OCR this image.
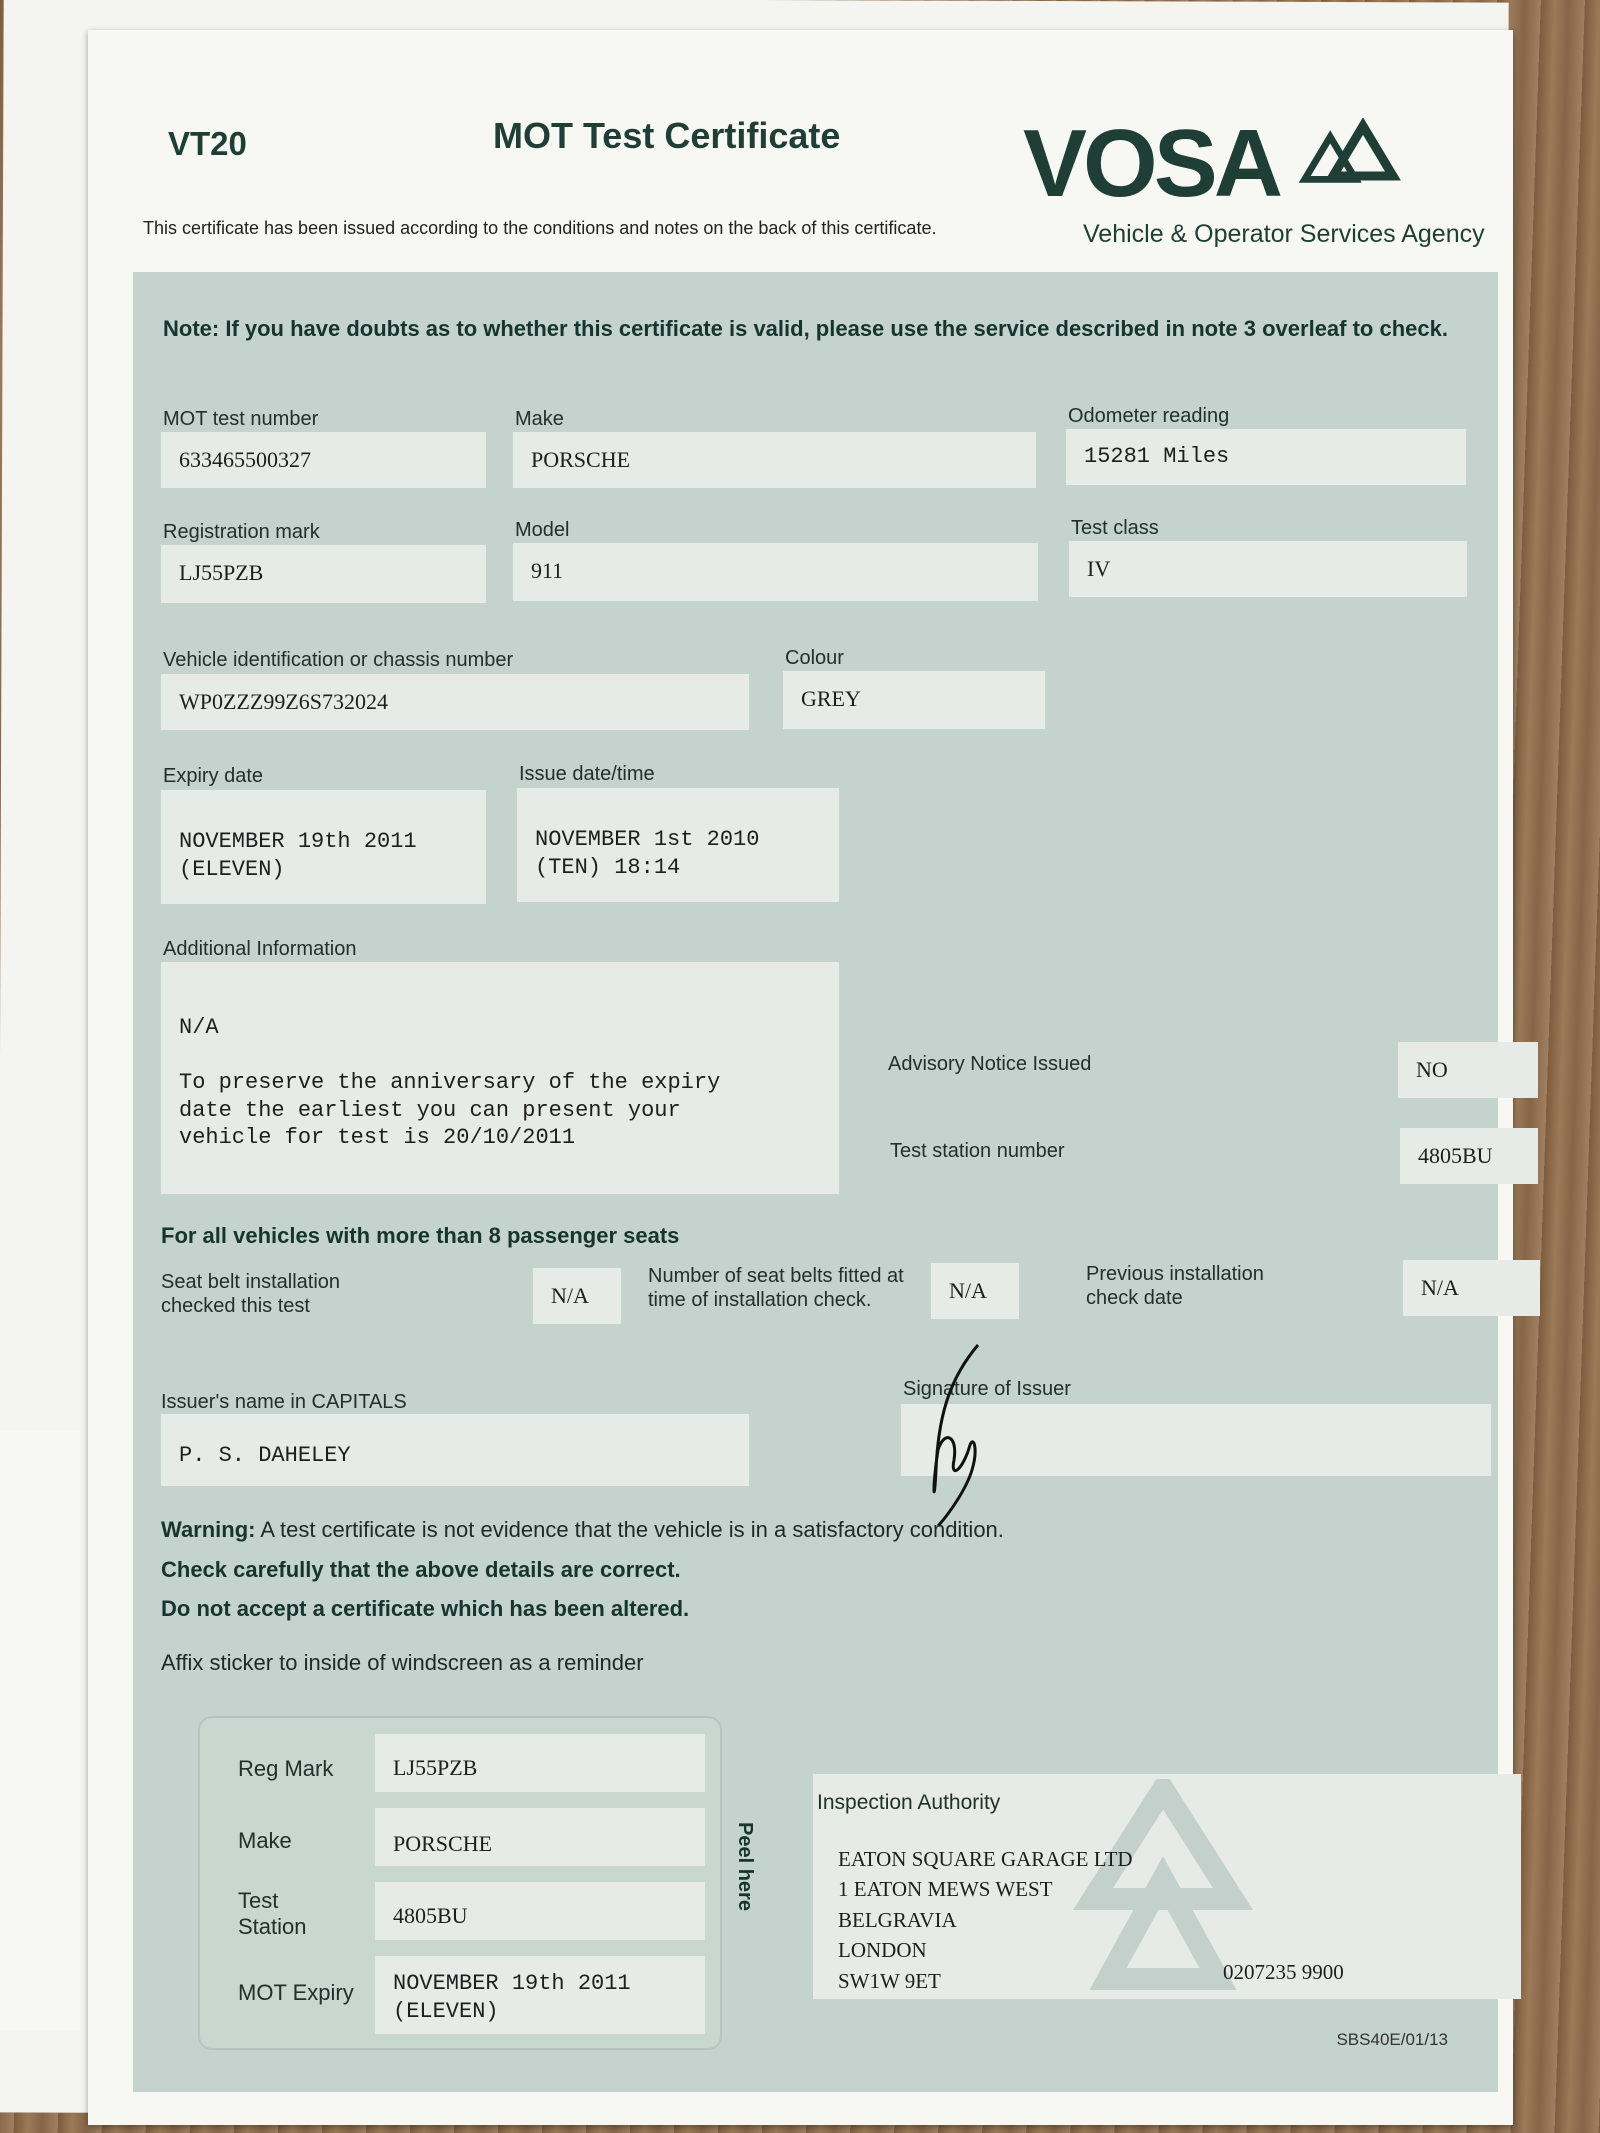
VT20	MOT Test Certificate
This certificate has been issued according to the conditions and notes on the back of this certificate.
VOSA
Vehicle & Operator Services Agency
Note: If you have doubts as to whether this certificate is valid, please use the service described in note 3 overleaf to check.
MOT test number
633465500327
Make
PORSCHE
Odometer reading
15281 Miles
Registration mark
LJ55PZB
Model
911
Test class
IV
Vehicle identification or chassis number
WP0ZZZ99Z6S732024
Colour
GREY
Expiry date
NOVEMBER 19th 2011
(ELEVEN)
Issue date/time
NOVEMBER 1st 2010
(TEN) 18:14
Additional Information
N/A

To preserve the anniversary of the expiry
date the earliest you can present your
vehicle for test is 20/10/2011
Advisory Notice Issued	NO
Test station number	4805BU
For all vehicles with more than 8 passenger seats
Seat belt installation
checked this test	N/A
Number of seat belts fitted at
time of installation check.	N/A
Previous installation
check date	N/A
Issuer's name in CAPITALS
P. S. DAHELEY
Signature of Issuer
Warning: A test certificate is not evidence that the vehicle is in a satisfactory condition.
Check carefully that the above details are correct.
Do not accept a certificate which has been altered.
Affix sticker to inside of windscreen as a reminder
Reg Mark	LJ55PZB
Make	PORSCHE
Test
Station	4805BU
MOT Expiry	NOVEMBER 19th 2011
(ELEVEN)
Peel here
Inspection Authority
EATON SQUARE GARAGE LTD
1 EATON MEWS WEST
BELGRAVIA
LONDON
SW1W 9ET	0207235 9900
SBS40E/01/13
